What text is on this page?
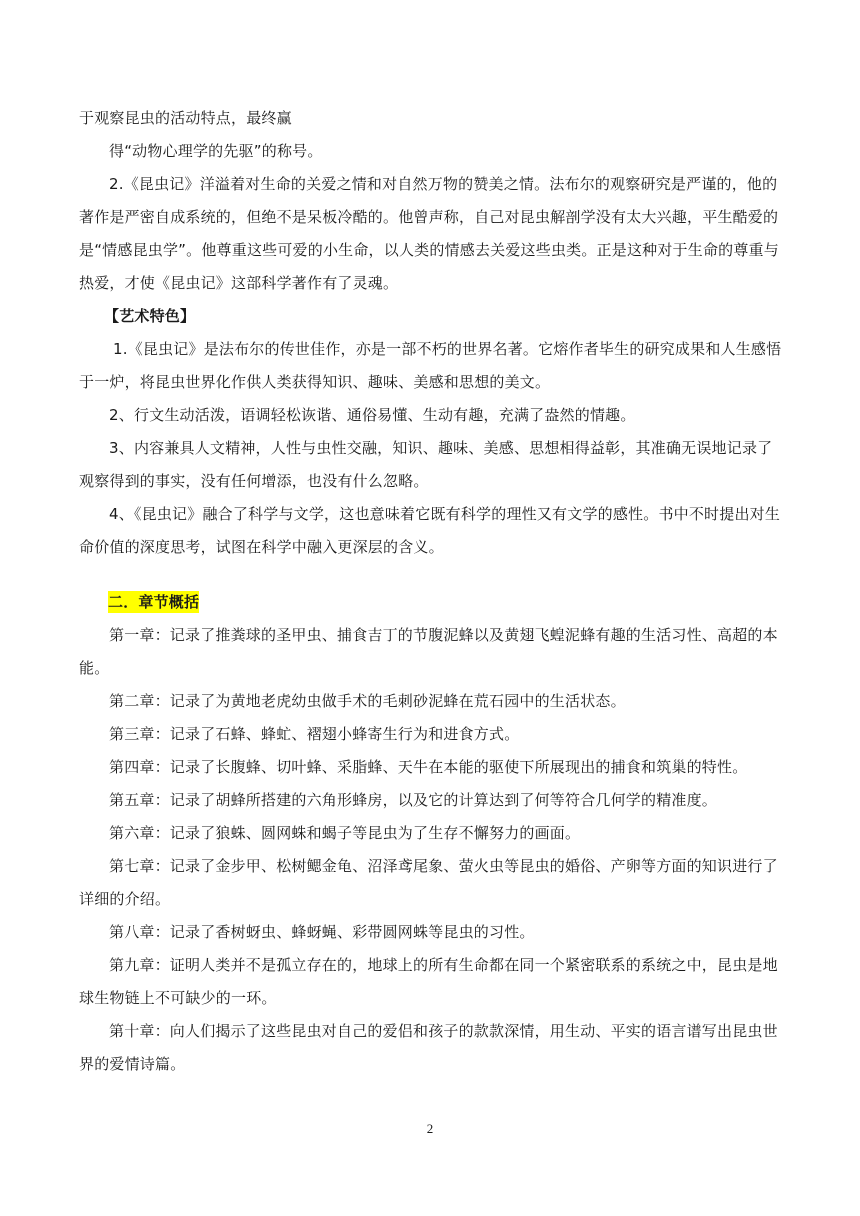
于观察昆虫的活动特点，最终赢

得“动物心理学的先驱”的称号。

2.《昆虫记》洋溢着对生命的关爱之情和对自然万物的赞美之情。法布尔的观察研究是严谨的，他的著作是严密自成系统的，但绝不是呆板冷酷的。他曾声称，自己对昆虫解剖学没有太大兴趣，平生酷爱的是“情感昆虫学”。他尊重这些可爱的小生命，以人类的情感去关爱这些虫类。正是这种对于生命的尊重与热爱，才使《昆虫记》这部科学著作有了灵魂。

【艺术特色】

1.《昆虫记》是法布尔的传世佳作，亦是一部不朽的世界名著。它熔作者毕生的研究成果和人生感悟于一炉，将昆虫世界化作供人类获得知识、趣味、美感和思想的美文。

2、行文生动活泼，语调轻松诙谐、通俗易懂、生动有趣，充满了盎然的情趣。

3、内容兼具人文精神，人性与虫性交融，知识、趣味、美感、思想相得益彰，其准确无误地记录了观察得到的事实，没有任何增添，也没有什么忽略。

4、《昆虫记》融合了科学与文学，这也意味着它既有科学的理性又有文学的感性。书中不时提出对生命价值的深度思考，试图在科学中融入更深层的含义。

二．章节概括

第一章：记录了推粪球的圣甲虫、捕食吉丁的节腹泥蜂以及黄翅飞蝗泥蜂有趣的生活习性、高超的本能。

第二章：记录了为黄地老虎幼虫做手术的毛刺砂泥蜂在荒石园中的生活状态。

第三章：记录了石蜂、蜂虻、褶翅小蜂寄生行为和进食方式。

第四章：记录了长腹蜂、切叶蜂、采脂蜂、天牛在本能的驱使下所展现出的捕食和筑巢的特性。

第五章：记录了胡蜂所搭建的六角形蜂房，以及它的计算达到了何等符合几何学的精准度。

第六章：记录了狼蛛、圆网蛛和蝎子等昆虫为了生存不懈努力的画面。

第七章：记录了金步甲、松树鳃金龟、沼泽鸢尾象、萤火虫等昆虫的婚俗、产卵等方面的知识进行了详细的介绍。

第八章：记录了香树蚜虫、蜂蚜蝇、彩带圆网蛛等昆虫的习性。

第九章：证明人类并不是孤立存在的，地球上的所有生命都在同一个紧密联系的系统之中，昆虫是地球生物链上不可缺少的一环。

第十章：向人们揭示了这些昆虫对自己的爱侣和孩子的款款深情，用生动、平实的语言谱写出昆虫世界的爱情诗篇。

2
